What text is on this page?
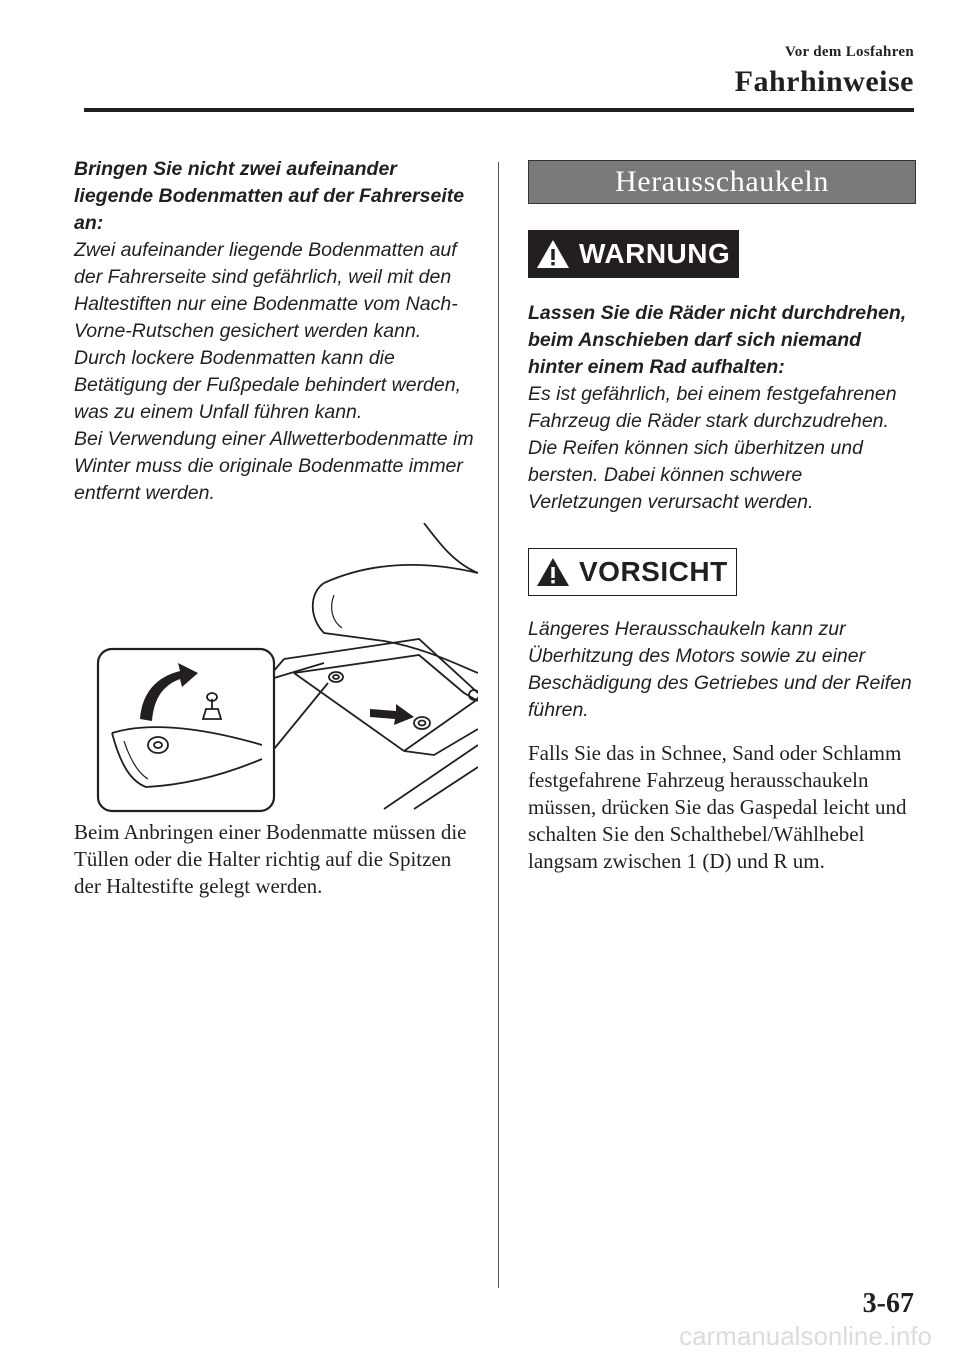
Vor dem Losfahren
Fahrhinweise

Bringen Sie nicht zwei aufeinander liegende Bodenmatten auf der Fahrerseite an:

Zwei aufeinander liegende Bodenmatten auf der Fahrerseite sind gefährlich, weil mit den Haltestiften nur eine Bodenmatte vom Nach-Vorne-Rutschen gesichert werden kann.

Durch lockere Bodenmatten kann die Betätigung der Fußpedale behindert werden, was zu einem Unfall führen kann.

Bei Verwendung einer Allwetterbodenmatte im Winter muss die originale Bodenmatte immer entfernt werden.

Beim Anbringen einer Bodenmatte müssen die Tüllen oder die Halter richtig auf die Spitzen der Haltestifte gelegt werden.

Herausschaukeln
WARNUNG

Lassen Sie die Räder nicht durchdrehen, beim Anschieben darf sich niemand hinter einem Rad aufhalten:

Es ist gefährlich, bei einem festgefahrenen Fahrzeug die Räder stark durchzudrehen. Die Reifen können sich überhitzen und bersten. Dabei können schwere Verletzungen verursacht werden.

VORSICHT

Längeres Herausschaukeln kann zur Überhitzung des Motors sowie zu einer Beschädigung des Getriebes und der Reifen führen.

Falls Sie das in Schnee, Sand oder Schlamm festgefahrene Fahrzeug herausschaukeln müssen, drücken Sie das Gaspedal leicht und schalten Sie den Schalthebel/Wählhebel langsam zwischen 1 (D) und R um.

3-67
carmanualsonline.info
